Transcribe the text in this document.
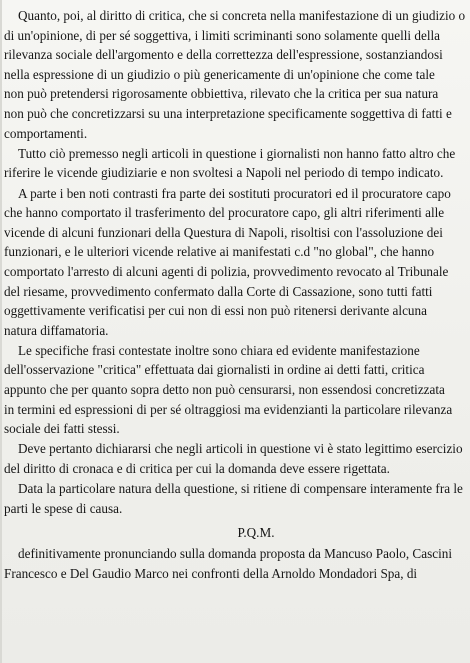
Quanto, poi, al diritto di critica, che si concreta nella manifestazione di un giudizio o
di un'opinione, di per sé soggettiva, i limiti scriminanti sono solamente quelli della
rilevanza sociale dell'argomento e della correttezza dell'espressione, sostanziandosi
nella espressione di un giudizio o più genericamente di un'opinione che come tale
non può pretendersi rigorosamente obbiettiva, rilevato che la critica per sua natura
non può che concretizzarsi su una interpretazione specificamente soggettiva di fatti e
comportamenti.
Tutto ciò premesso negli articoli in questione i giornalisti non hanno fatto altro che
riferire le vicende giudiziarie e non svoltesi a Napoli nel periodo di tempo indicato.
A parte i ben noti contrasti fra parte dei sostituti procuratori ed il procuratore capo
che hanno comportato il trasferimento del procuratore capo, gli altri riferimenti alle
vicende di alcuni funzionari della Questura di Napoli, risoltisi con l'assoluzione dei
funzionari, e le ulteriori vicende relative ai manifestati c.d "no global", che hanno
comportato l'arresto di alcuni agenti di polizia, provvedimento revocato al Tribunale
del riesame, provvedimento confermato dalla Corte di Cassazione, sono tutti fatti
oggettivamente verificatisi per cui non di essi non può ritenersi derivante alcuna
natura diffamatoria.
Le specifiche frasi contestate inoltre sono chiara ed evidente manifestazione
dell'osservazione "critica" effettuata dai giornalisti in ordine ai detti fatti, critica
appunto che per quanto sopra detto non può censurarsi, non essendosi concretizzata
in termini ed espressioni di per sé oltraggiosi ma evidenzianti la particolare rilevanza
sociale dei fatti stessi.
Deve pertanto dichiararsi che negli articoli in questione vi è stato legittimo esercizio
del diritto di cronaca e di critica per cui la domanda deve essere rigettata.
Data la particolare natura della questione, si ritiene di compensare interamente fra le
parti le spese di causa.
P.Q.M.
definitivamente pronunciando sulla domanda proposta da Mancuso Paolo, Cascini
Francesco e Del Gaudio Marco nei confronti della Arnoldo Mondadori Spa, di
